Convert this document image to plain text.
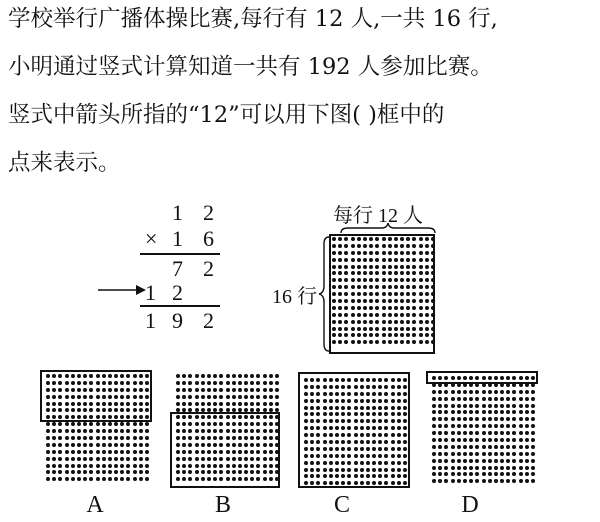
学校举行广播体操比赛,每行有 12 人,一共 16 行,
小明通过竖式计算知道一共有 192 人参加比赛。
竖式中箭头所指的“12”可以用下图( )框中的
点来表示。
1 2
× 1 6
7 2
1 2
1 9 2
每行 12 人
16 行
A	B	C	D
